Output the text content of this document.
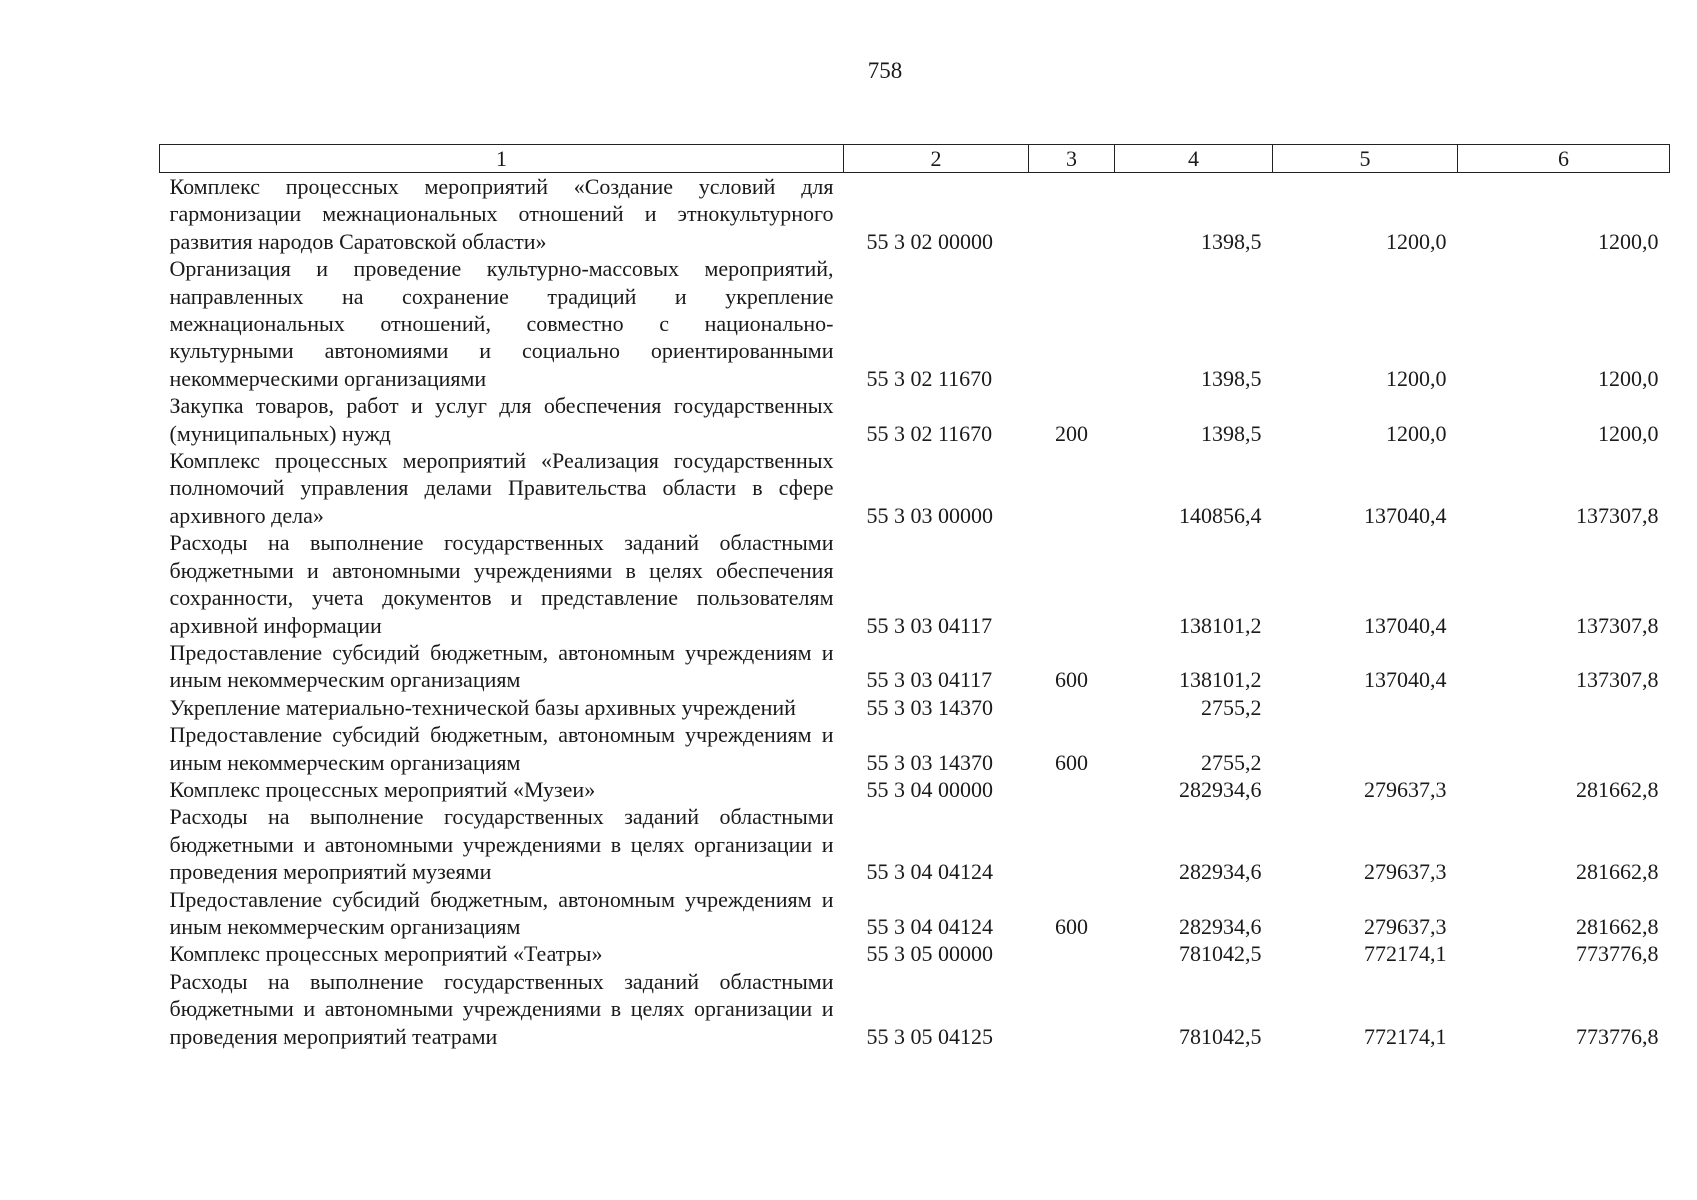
758
1	2	3	4	5	6
Комплекс процессных мероприятий «Создание условий для гармонизации межнациональных отношений и этнокультурного развития народов Саратовской области»	55 3 02 00000		1398,5	1200,0	1200,0
Организация и проведение культурно-массовых мероприятий, направленных на сохранение традиций и укрепление межнациональных отношений, совместно с национально-культурными автономиями и социально ориентированными некоммерческими организациями	55 3 02 11670		1398,5	1200,0	1200,0
Закупка товаров, работ и услуг для обеспечения государственных (муниципальных) нужд	55 3 02 11670	200	1398,5	1200,0	1200,0
Комплекс процессных мероприятий «Реализация государственных полномочий управления делами Правительства области в сфере архивного дела»	55 3 03 00000		140856,4	137040,4	137307,8
Расходы на выполнение государственных заданий областными бюджетными и автономными учреждениями в целях обеспечения сохранности, учета документов и представление пользователям архивной информации	55 3 03 04117		138101,2	137040,4	137307,8
Предоставление субсидий бюджетным, автономным учреждениям и иным некоммерческим организациям	55 3 03 04117	600	138101,2	137040,4	137307,8
Укрепление материально-технической базы архивных учреждений	55 3 03 14370		2755,2		
Предоставление субсидий бюджетным, автономным учреждениям и иным некоммерческим организациям	55 3 03 14370	600	2755,2		
Комплекс процессных мероприятий «Музеи»	55 3 04 00000		282934,6	279637,3	281662,8
Расходы на выполнение государственных заданий областными бюджетными и автономными учреждениями в целях организации и проведения мероприятий музеями	55 3 04 04124		282934,6	279637,3	281662,8
Предоставление субсидий бюджетным, автономным учреждениям и иным некоммерческим организациям	55 3 04 04124	600	282934,6	279637,3	281662,8
Комплекс процессных мероприятий «Театры»	55 3 05 00000		781042,5	772174,1	773776,8
Расходы на выполнение государственных заданий областными бюджетными и автономными учреждениями в целях организации и проведения мероприятий театрами	55 3 05 04125		781042,5	772174,1	773776,8
